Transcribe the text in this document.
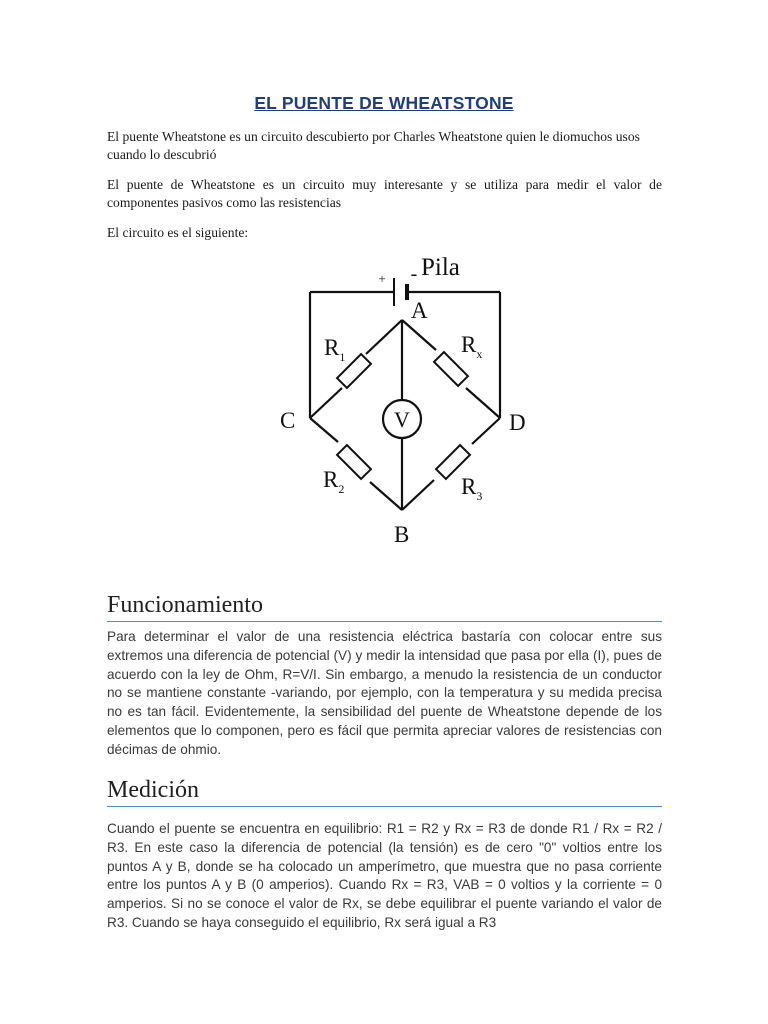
EL PUENTE DE WHEATSTONE

El puente Wheatstone es un circuito descubierto por Charles Wheatstone quien le diomuchos usos cuando lo descubrió

El puente de Wheatstone es un circuito muy interesante y se utiliza para medir el valor de componentes pasivos como las resistencias

El circuito es el siguiente:

V
+ - Pila
A
B
C	D
$R_1$	$R_x$
$R_2$	$R_3$
Funcionamiento

Para determinar el valor de una resistencia eléctrica bastaría con colocar entre sus extremos una diferencia de potencial (V) y medir la intensidad que pasa por ella (I), pues de acuerdo con la ley de Ohm, R=V/I. Sin embargo, a menudo la resistencia de un conductor no se mantiene constante -variando, por ejemplo, con la temperatura y su medida precisa no es tan fácil. Evidentemente, la sensibilidad del puente de Wheatstone depende de los elementos que lo componen, pero es fácil que permita apreciar valores de resistencias con décimas de ohmio.

Medición

Cuando el puente se encuentra en equilibrio: R1 = R2 y Rx = R3 de donde R1 / Rx = R2 / R3. En este caso la diferencia de potencial (la tensión) es de cero "0" voltios entre los puntos A y B, donde se ha colocado un amperímetro, que muestra que no pasa corriente entre los puntos A y B (0 amperios). Cuando Rx = R3, VAB = 0 voltios y la corriente = 0 amperios. Si no se conoce el valor de Rx, se debe equilibrar el puente variando el valor de R3. Cuando se haya conseguido el equilibrio, Rx será igual a R3
